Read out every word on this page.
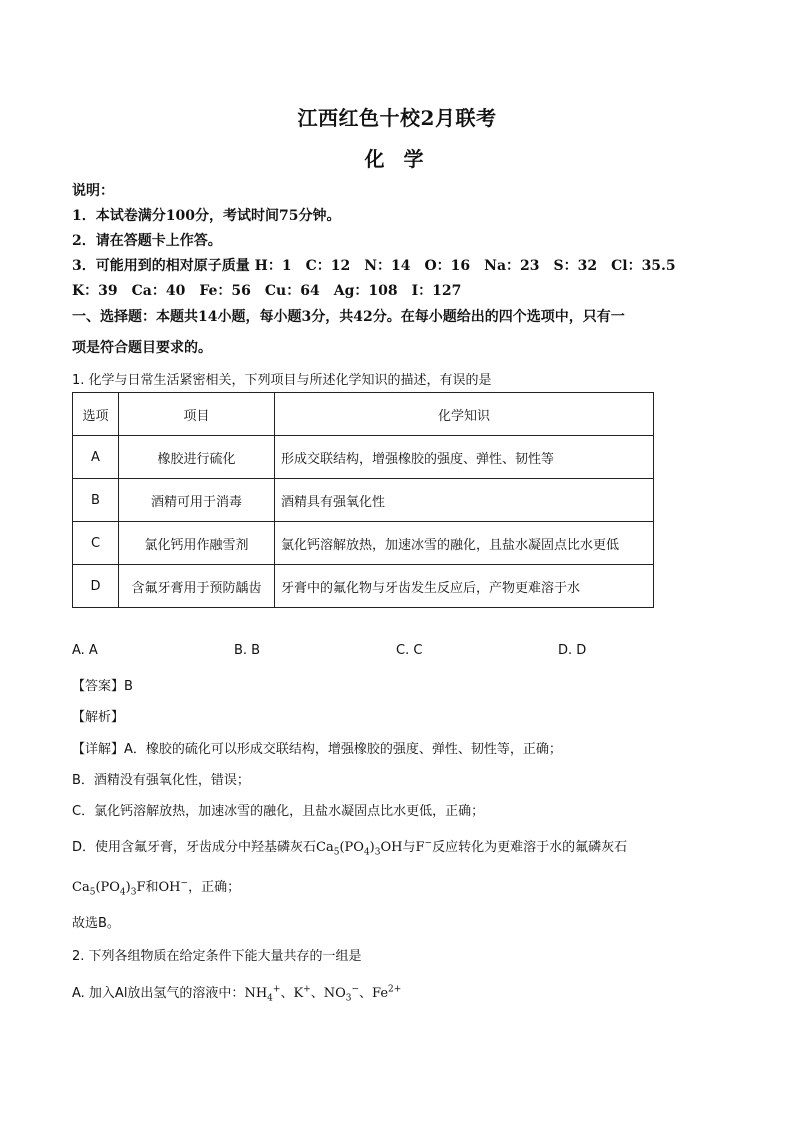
江西红色十校2月联考
化 学
说明：
1．本试卷满分100分，考试时间75分钟。
2．请在答题卡上作答。
3．可能用到的相对原子质量 H：1　C：12　N：14　O：16　Na：23　S：32　Cl：35.5
K：39　Ca：40　Fe：56　Cu：64　Ag：108　I：127
一、选择题：本题共14小题，每小题3分，共42分。在每小题给出的四个选项中，只有一
项是符合题目要求的。
1. 化学与日常生活紧密相关，下列项目与所述化学知识的描述，有误的是
选项	项目	化学知识
A	橡胶进行硫化	形成交联结构，增强橡胶的强度、弹性、韧性等
B	酒精可用于消毒	酒精具有强氧化性
C	氯化钙用作融雪剂	氯化钙溶解放热，加速冰雪的融化，且盐水凝固点比水更低
D	含氟牙膏用于预防龋齿	牙膏中的氟化物与牙齿发生反应后，产物更难溶于水
A. A	B. B	C. C	D. D
【答案】B
【解析】
【详解】A．橡胶的硫化可以形成交联结构，增强橡胶的强度、弹性、韧性等，正确；
B．酒精没有强氧化性，错误；
C．氯化钙溶解放热，加速冰雪的融化，且盐水凝固点比水更低，正确；
D．使用含氟牙膏，牙齿成分中羟基磷灰石$Ca_5(PO_4)_3OH$与F−反应转化为更难溶于水的氟磷灰石
$Ca_5(PO_4)_3F$和OH−，正确；
故选B。
2. 下列各组物质在给定条件下能大量共存的一组是
A. 加入Al放出氢气的溶液中：$NH_4^+$、K+、$NO_3^-$、$Fe^{2+}$
